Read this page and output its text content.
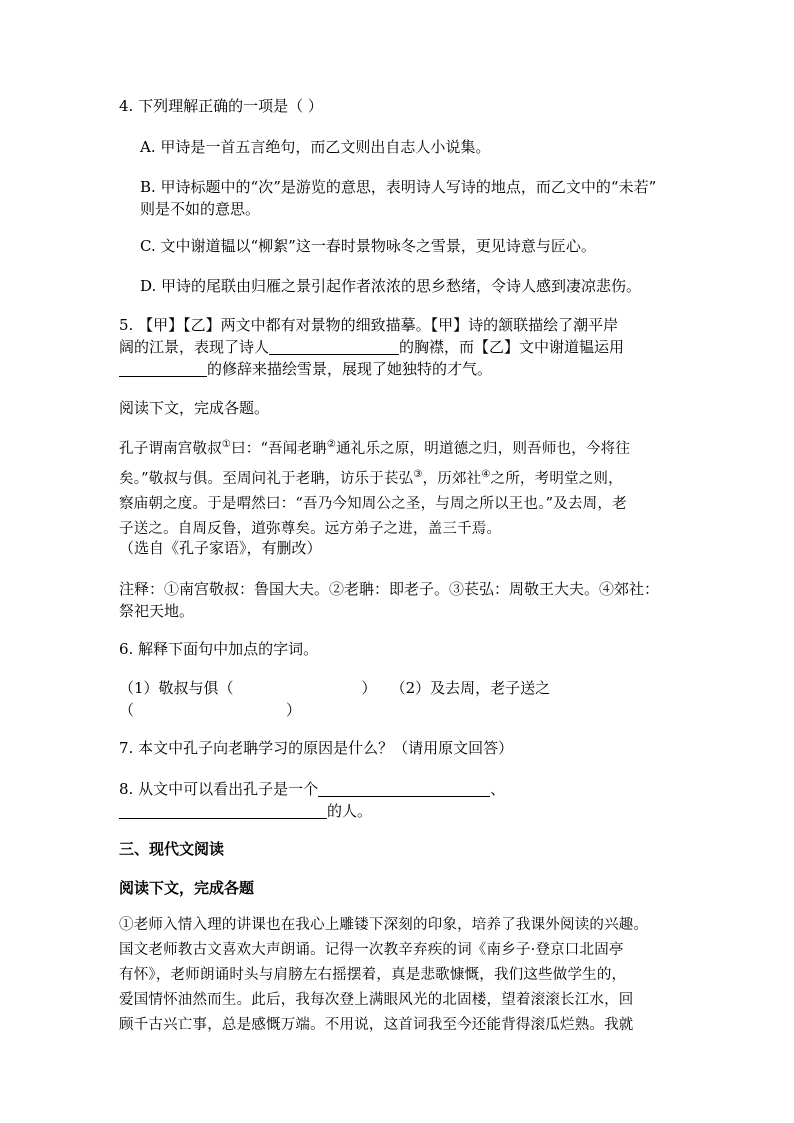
4. 下列理解正确的一项是（ ）

A. 甲诗是一首五言绝句，而乙文则出自志人小说集。

B. 甲诗标题中的“次”是游览的意思，表明诗人写诗的地点，而乙文中的“未若”

则是不如的意思。

C. 文中谢道韫以“柳絮”这一春时景物咏冬之雪景，更见诗意与匠心。

D. 甲诗的尾联由归雁之景引起作者浓浓的思乡愁绪，令诗人感到凄凉悲伤。

5. 【甲】【乙】两文中都有对景物的细致描摹。【甲】诗的颔联描绘了潮平岸

阔的江景，表现了诗人	的胸襟，而【乙】文中谢道韫运用

的修辞来描绘雪景，展现了她独特的才气。

阅读下文，完成各题。

孔子谓南宫敬叔①曰：“吾闻老聃②通礼乐之原，明道德之归，则吾师也，今将往
矣。”敬叔与俱。至周问礼于老聃，访乐于苌弘③，历郊社④之所，考明堂之则，
察庙朝之度。于是喟然曰：“吾乃今知周公之圣，与周之所以王也。”及去周，老
子送之。自周反鲁，道弥尊矣。远方弟子之进，盖三千焉。

（选自《孔子家语》，有删改）

注释：①南宫敬叔：鲁国大夫。②老聃：即老子。③苌弘：周敬王大夫。④郊社：

祭祀天地。

6. 解释下面句中加点的字词。

（1）敬叔与俱（	） （2）及去周，老子送之

（	）

7. 本文中孔子向老聃学习的原因是什么？（请用原文回答）

8. 从文中可以看出孔子是一个	、

的人。

三、现代文阅读

阅读下文，完成各题

①老师入情入理的讲课也在我心上雕镂下深刻的印象，培养了我课外阅读的兴趣。
国文老师教古文喜欢大声朗诵。记得一次教辛弃疾的词《南乡子·登京口北固亭
有怀》，老师朗诵时头与肩膀左右摇摆着，真是悲歌慷慨，我们这些做学生的，
爱国情怀油然而生。此后，我每次登上满眼风光的北固楼，望着滚滚长江水，回
顾千古兴亡事，总是感慨万端。不用说，这首词我至今还能背得滚瓜烂熟。我就
